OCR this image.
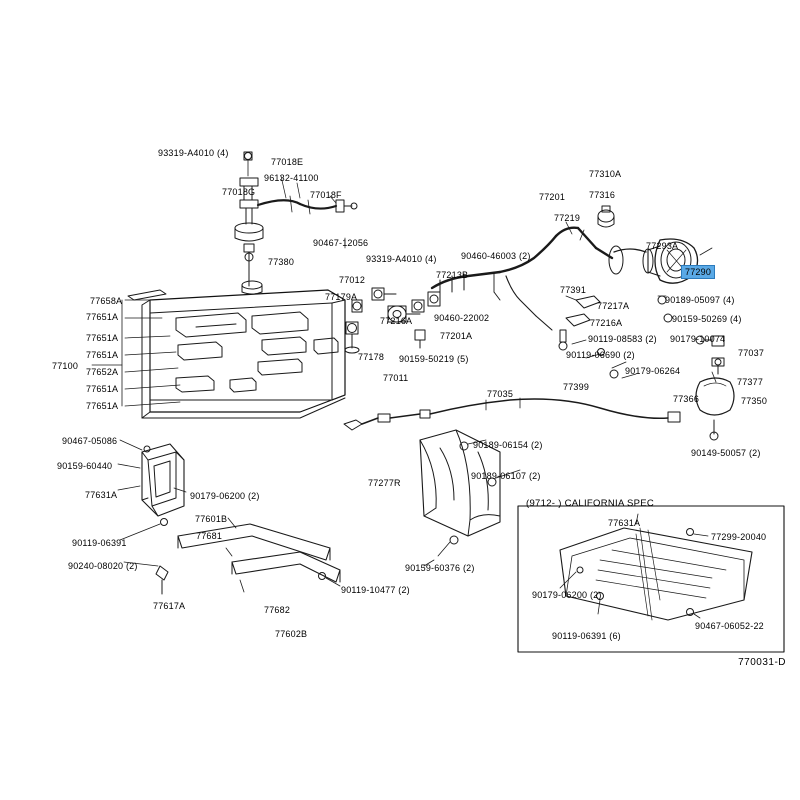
93319-A4010 (4)
77018E
96132-41100
77018G	77018F
90467-12056
77380	93319-A4010 (4)
77012
77179A
77213B
90460-46003 (2)
77658A
77651A
77651A
77100
77651A
77652A
77651A
77651A
77178
77216A 90460-22002
77201A
90159-50219 (5)
77011
77035
77310A
77201	77316
77219
77293A
77290
77391
77217A
90189-05097 (4)
90159-50269 (4)
77216A
90119-08583 (2) 90179-10074
90119-06690 (2)	77037
90179-06264
77377
77399
77366	77350
90149-50057 (2)
90467-05086
90159-60440
77631A	90179-06200 (2)
90119-06391
77601B
77681
90240-08020 (2)
77617A
90119-10477 (2)
77682
77602B
77277R
90189-06154 (2)
90189-06107 (2)
90159-60376 (2)
77631A
77299-20040
90179-06200 (2)
90119-06391 (6)
90467-06052-22
(9712- ) CALIFORNIA SPEC
770031-D
